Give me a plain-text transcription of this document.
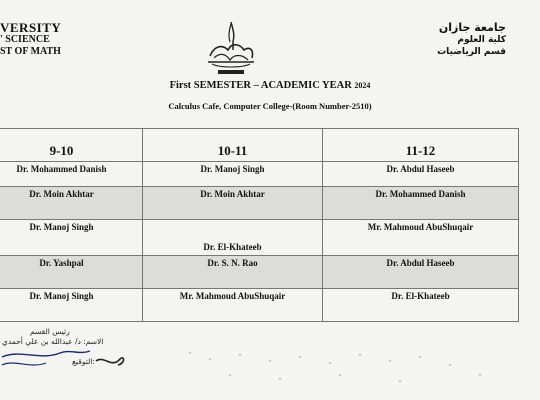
VERSITY
' SCIENCE
ST OF MATH
جامعة جازان
كلية العلوم
قسم الرياضيات
First SEMESTER – ACADEMIC YEAR 2024
Calculus Cafe, Computer College-(Room Number-2510)
9-10	10-11	11-12
Dr. Mohammed Danish	Dr. Manoj Singh	Dr. Abdul Haseeb
Dr. Moin Akhtar	Dr. Moin Akhtar	Dr. Mohammed Danish
Dr. Manoj Singh	Dr. El-Khateeb	Mr. Mahmoud AbuShuqair
Dr. Yashpal	Dr. S. N. Rao	Dr. Abdul Haseeb
Dr. Manoj Singh	Mr. Mahmoud AbuShuqair	Dr. El-Khateeb
رئيس القسم
الاسم: د/ عبدالله بن علي أحمدي
التوقيع:
